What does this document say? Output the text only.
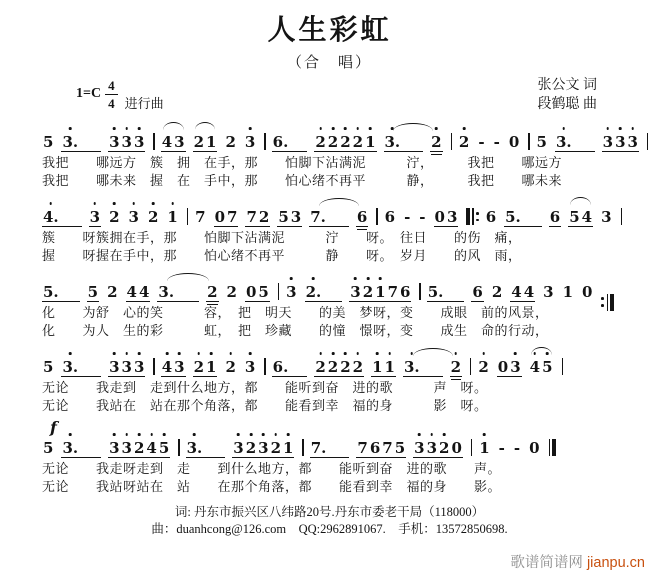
人生彩虹
（合　唱）
$1=C \frac{4}{4}$ 进行曲
张公文 词
段鹤聪 曲
5 3. 3 3 3 4 3 2 1 2 3 6. 2 2 2 2 1 3. 2 2 - - 0 5 3. 3 3 3
我把　　哪远方　簇　拥　在手，那　　怕脚下沾满泥　　　泞，　　　我把　　哪远方
我把　　哪未来　握　在　手中，那　　怕心绪不再平　　　静，　　　我把　　哪未来
4. 3 2 3 2 1 7 0 7 7 2 5 3 7. 6 6 - - 0 3 6 5. 6 5 4 3
簇　　呀簇拥在手，那　　怕脚下沾满泥　　　泞　　呀。　往日　　的伤　痛，
握　　呀握在手中，那　　怕心绪不再平　　　静　　呀。　岁月　　的风　雨，
5. 5 2 4 4 3. 2 2 0 5 3 2. 3 2 1 7 6 5. 6 2 4 4 3 1 0
化　　为舒　心的笑　　　容，　把　明天　　的美　梦呀，变　　成眼　前的风景，
化　　为人　生的彩　　　虹，　把　珍藏　　的憧　憬呀，变　　成生　命的行动，
5 3. 3 3 3 4 3 2 1 2 3 6. 2 2 2 2 1 1 3. 2 2 0 3 4 5
无论　　我走到　走到什么地方，都　　能听到奋　进的歌　　　声　呀。
无论　　我站在　站在那个角落，都　　能看到幸　福的身　　　影　呀。
f
5 3. 3 3 2 4 5 3. 3 2 3 2 1 7. 7 6 7 5 3 3 2 0 1 - - 0
无论　　我走呀走到　走　　到什么地方，都　　能听到奋　进的歌　　声。
无论　　我站呀站在　站　　在那个角落，都　　能看到幸　福的身　　影。
词: 丹东市振兴区八纬路20号.丹东市委老干局（118000）
曲：duanhcong@126.com　QQ:2962891067.　手机：13572850698.
歌谱简谱网 jianpu.cn
